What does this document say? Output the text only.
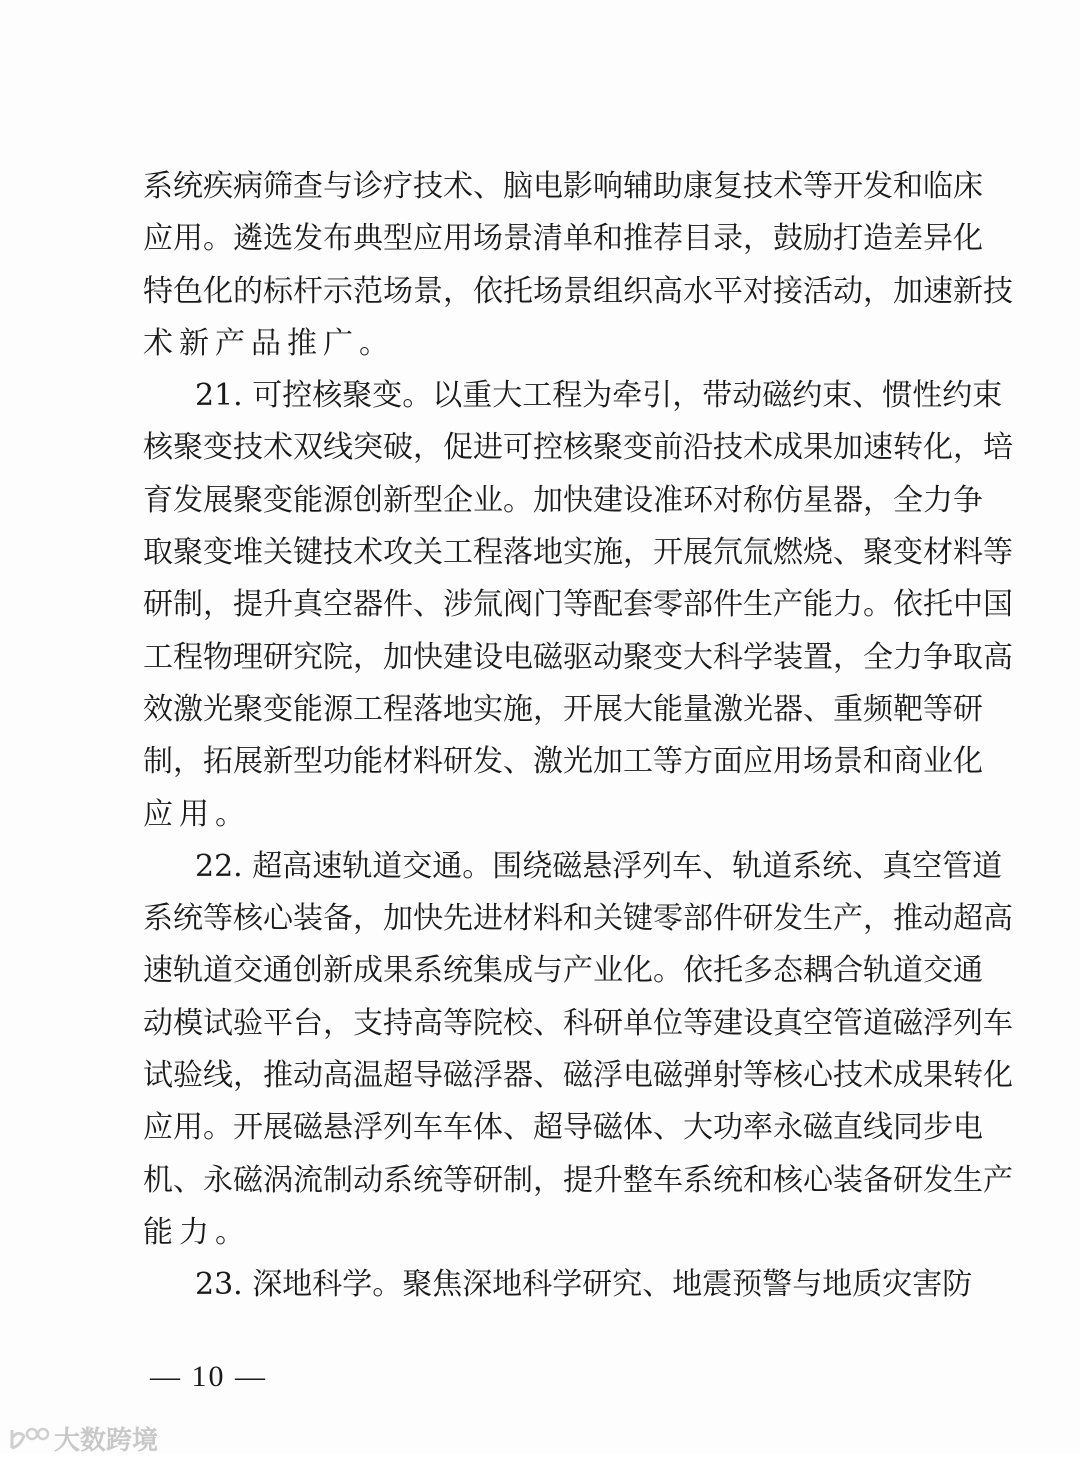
系统疾病筛查与诊疗技术、脑电影响辅助康复技术等开发和临床
应用。遴选发布典型应用场景清单和推荐目录，鼓励打造差异化
特色化的标杆示范场景，依托场景组织高水平对接活动，加速新技
术新产品推广。
21. 可控核聚变。以重大工程为牵引，带动磁约束、惯性约束
核聚变技术双线突破，促进可控核聚变前沿技术成果加速转化，培
育发展聚变能源创新型企业。加快建设准环对称仿星器，全力争
取聚变堆关键技术攻关工程落地实施，开展氘氚燃烧、聚变材料等
研制，提升真空器件、涉氚阀门等配套零部件生产能力。依托中国
工程物理研究院，加快建设电磁驱动聚变大科学装置，全力争取高
效激光聚变能源工程落地实施，开展大能量激光器、重频靶等研
制，拓展新型功能材料研发、激光加工等方面应用场景和商业化
应用。
22. 超高速轨道交通。围绕磁悬浮列车、轨道系统、真空管道
系统等核心装备，加快先进材料和关键零部件研发生产，推动超高
速轨道交通创新成果系统集成与产业化。依托多态耦合轨道交通
动模试验平台，支持高等院校、科研单位等建设真空管道磁浮列车
试验线，推动高温超导磁浮器、磁浮电磁弹射等核心技术成果转化
应用。开展磁悬浮列车车体、超导磁体、大功率永磁直线同步电
机、永磁涡流制动系统等研制，提升整车系统和核心装备研发生产
能力。
23. 深地科学。聚焦深地科学研究、地震预警与地质灾害防
— 10 —
大数跨境
